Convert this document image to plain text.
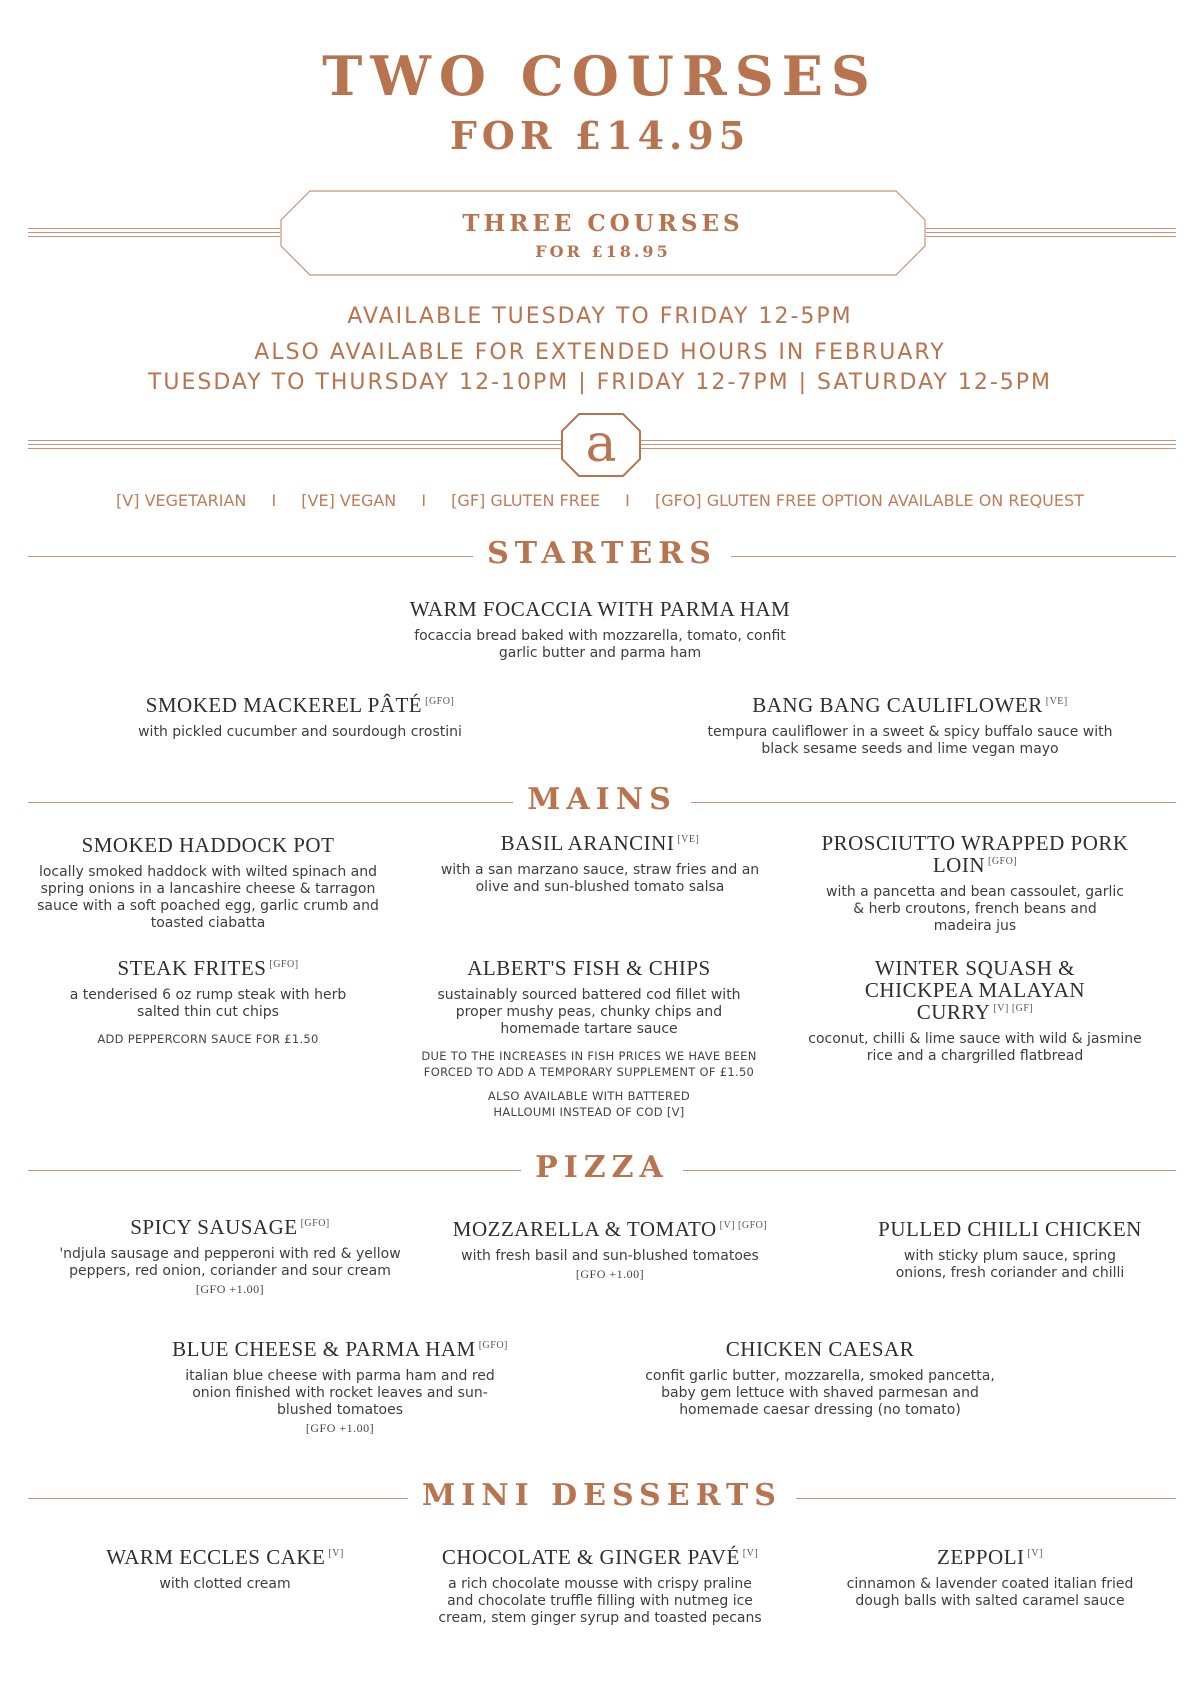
TWO COURSES
FOR £14.95
THREE COURSES
FOR £18.95
AVAILABLE TUESDAY TO FRIDAY 12-5PM
ALSO AVAILABLE FOR EXTENDED HOURS IN FEBRUARY
TUESDAY TO THURSDAY 12-10PM | FRIDAY 12-7PM | SATURDAY 12-5PM
a
[V] VEGETARIAN I [VE] VEGAN I [GF] GLUTEN FREE I [GFO] GLUTEN FREE OPTION AVAILABLE ON REQUEST
STARTERS
WARM FOCACCIA WITH PARMA HAM
focaccia bread baked with mozzarella, tomato, confit garlic butter and parma ham
SMOKED MACKEREL PÂTÉ [GFO]
with pickled cucumber and sourdough crostini
BANG BANG CAULIFLOWER [VE]
tempura cauliflower in a sweet & spicy buffalo sauce with black sesame seeds and lime vegan mayo
MAINS
SMOKED HADDOCK POT
locally smoked haddock with wilted spinach and spring onions in a lancashire cheese & tarragon sauce with a soft poached egg, garlic crumb and toasted ciabatta
BASIL ARANCINI [VE]
with a san marzano sauce, straw fries and an olive and sun-blushed tomato salsa
PROSCIUTTO WRAPPED PORK LOIN [GFO]
with a pancetta and bean cassoulet, garlic & herb croutons, french beans and madeira jus
STEAK FRITES [GFO]
a tenderised 6 oz rump steak with herb salted thin cut chips
ADD PEPPERCORN SAUCE FOR £1.50
ALBERT'S FISH & CHIPS
sustainably sourced battered cod fillet with proper mushy peas, chunky chips and homemade tartare sauce
DUE TO THE INCREASES IN FISH PRICES WE HAVE BEEN FORCED TO ADD A TEMPORARY SUPPLEMENT OF £1.50
ALSO AVAILABLE WITH BATTERED HALLOUMI INSTEAD OF COD [V]
WINTER SQUASH & CHICKPEA MALAYAN CURRY [V] [GF]
coconut, chilli & lime sauce with wild & jasmine rice and a chargrilled flatbread
PIZZA
SPICY SAUSAGE [GFO]
'ndjula sausage and pepperoni with red & yellow peppers, red onion, coriander and sour cream
[GFO +1.00]
MOZZARELLA & TOMATO [V] [GFO]
with fresh basil and sun-blushed tomatoes
[GFO +1.00]
PULLED CHILLI CHICKEN
with sticky plum sauce, spring onions, fresh coriander and chilli
BLUE CHEESE & PARMA HAM [GFO]
italian blue cheese with parma ham and red onion finished with rocket leaves and sun-blushed tomatoes
[GFO +1.00]
CHICKEN CAESAR
confit garlic butter, mozzarella, smoked pancetta, baby gem lettuce with shaved parmesan and homemade caesar dressing (no tomato)
MINI DESSERTS
WARM ECCLES CAKE [V]
with clotted cream
CHOCOLATE & GINGER PAVÉ [V]
a rich chocolate mousse with crispy praline and chocolate truffle filling with nutmeg ice cream, stem ginger syrup and toasted pecans
ZEPPOLI [V]
cinnamon & lavender coated italian fried dough balls with salted caramel sauce
